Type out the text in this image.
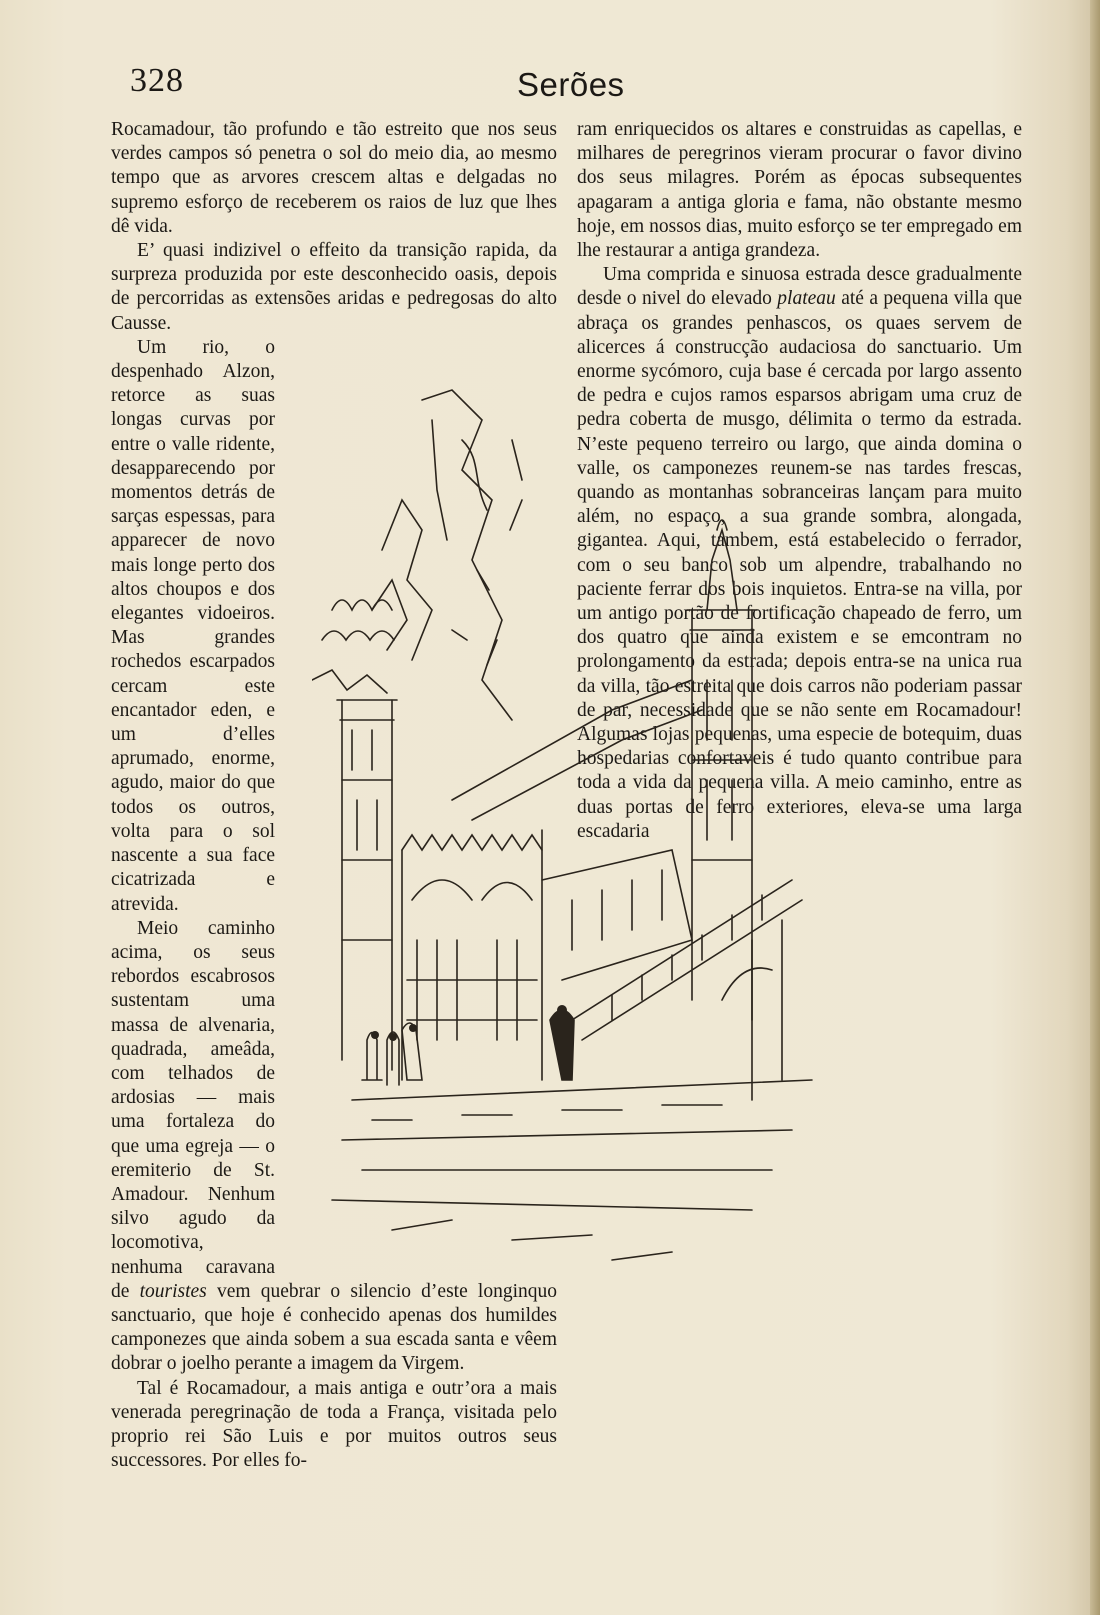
328	Serões

Rocamadour, tão profundo e tão estreito que nos seus verdes campos só penetra o sol do meio dia, ao mesmo tempo que as arvores crescem altas e delgadas no supremo esforço de receberem os raios de luz que lhes dê vida.

E’ quasi indizivel o effeito da transição rapida, da surpreza produzida por este desconhecido oasis, depois de percorridas as extensões aridas e pedregosas do alto Causse.

Um rio, o despenhado Alzon, retorce as suas longas curvas por entre o valle ridente, desapparecendo por momentos detrás de sarças espessas, para apparecer de novo mais longe perto dos altos choupos e dos elegantes vidoeiros. Mas grandes rochedos escarpados cercam este encantador eden, e um d’elles aprumado, enorme, agudo, maior do que todos os outros, volta para o sol nascente a sua face cicatrizada e atrevida.

Meio caminho acima, os seus rebordos escabrosos sustentam uma massa de alvenaria, quadrada, ameâda, com telhados de ardosias — mais uma fortaleza do que uma egreja — o eremiterio de St. Amadour. Nenhum silvo agudo da locomotiva, nenhuma caravana de touristes vem quebrar o silencio d’este longinquo sanctuario, que hoje é conhecido apenas dos humildes camponezes que ainda sobem a sua escada santa e vêem dobrar o joelho perante a imagem da Virgem.

Tal é Rocamadour, a mais antiga e outr’ora a mais venerada peregrinação de toda a França, visitada pelo proprio rei São Luis e por muitos outros seus successores. Por elles fo-

ram enriquecidos os altares e construidas as capellas, e milhares de peregrinos vieram procurar o favor divino dos seus milagres. Porém as épocas subsequentes apagaram a antiga gloria e fama, não obstante mesmo hoje, em nossos dias, muito esforço se ter empregado em lhe restaurar a antiga grandeza.

Uma comprida e sinuosa estrada desce gradualmente desde o nivel do elevado plateau até a pequena villa que abraça os grandes penhascos, os quaes servem de alicerces á construcção audaciosa do sanctuario. Um enorme sycómoro, cuja base é cercada por largo assento de pedra e cujos ramos esparsos abrigam uma cruz de pedra coberta de musgo, délimita o termo da estrada. N’este pequeno terreiro ou largo, que ainda domina o valle, os camponezes reunem-se nas tardes frescas, quando as montanhas sobranceiras lançam para muito além, no espaço, a sua grande sombra, alongada, gigantea. Aqui, tambem, está estabelecido o ferrador, com o seu banco sob um alpendre, trabalhando no paciente ferrar dos bois inquietos. Entra-se na villa, por um antigo portão de fortificação chapeado de ferro, um dos quatro que ainda existem e se emcontram no prolongamento da estrada; depois entra-se na unica rua da villa, tão estreita que dois carros não poderiam passar de par, necessidade que se não sente em Rocamadour! Algumas lojas pequenas, uma especie de botequim, duas hospedarias confortaveis é tudo quanto contribue para toda a vida da pequena villa. A meio caminho, entre as duas portas de ferro exteriores, eleva-se uma larga escadaria
